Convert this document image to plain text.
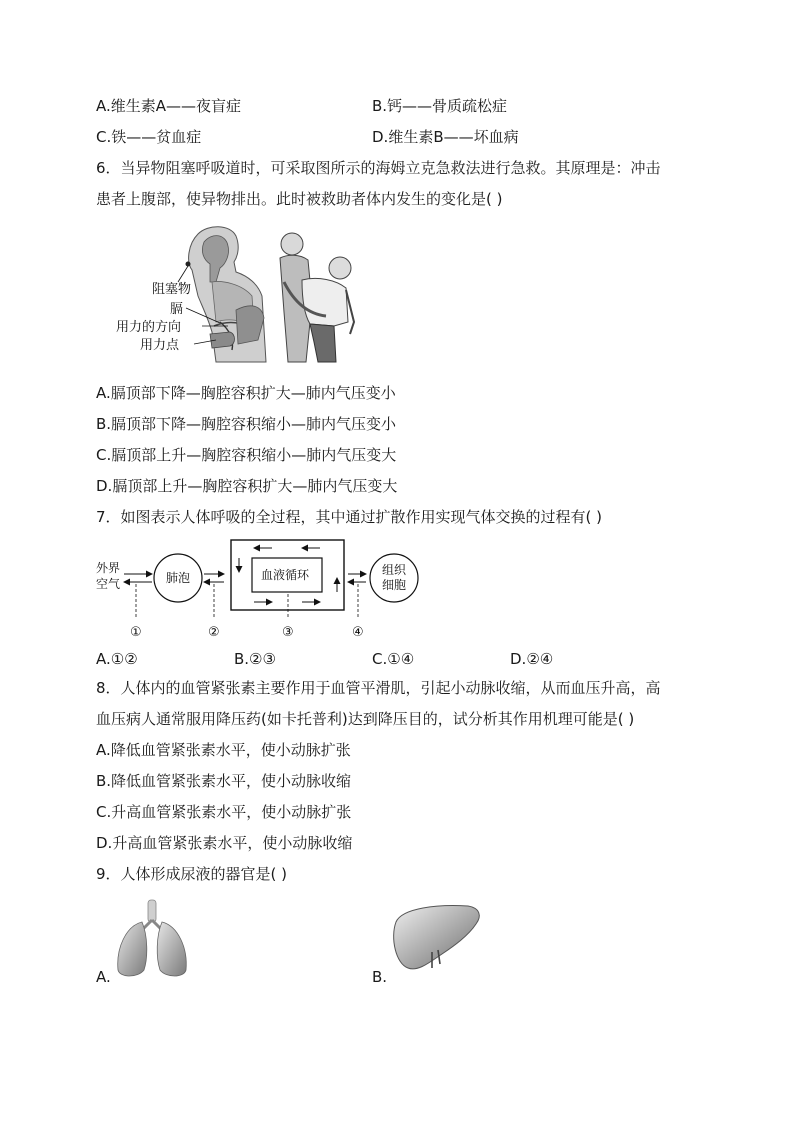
A.维生素A——夜盲症	B.钙——骨质疏松症
C.铁——贫血症	D.维生素B——坏血病
6．当异物阻塞呼吸道时，可采取图所示的海姆立克急救法进行急救。其原理是：冲击
患者上腹部，使异物排出。此时被救助者体内发生的变化是( )
阻塞物
膈
用力的方向
用力点
A.膈顶部下降—胸腔容积扩大—肺内气压变小
B.膈顶部下降—胸腔容积缩小—肺内气压变小
C.膈顶部上升—胸腔容积缩小—肺内气压变大
D.膈顶部上升—胸腔容积扩大—肺内气压变大
7．如图表示人体呼吸的全过程，其中通过扩散作用实现气体交换的过程有( )
外界
空气	肺泡	血液循环	组织
细胞
①	②	③	④
A.①②	B.②③	C.①④	D.②④
8．人体内的血管紧张素主要作用于血管平滑肌，引起小动脉收缩，从而血压升高，高
血压病人通常服用降压药(如卡托普利)达到降压目的，试分析其作用机理可能是( )
A.降低血管紧张素水平，使小动脉扩张
B.降低血管紧张素水平，使小动脉收缩
C.升高血管紧张素水平，使小动脉扩张
D.升高血管紧张素水平，使小动脉收缩
9．人体形成尿液的器官是( )
A.	B.
